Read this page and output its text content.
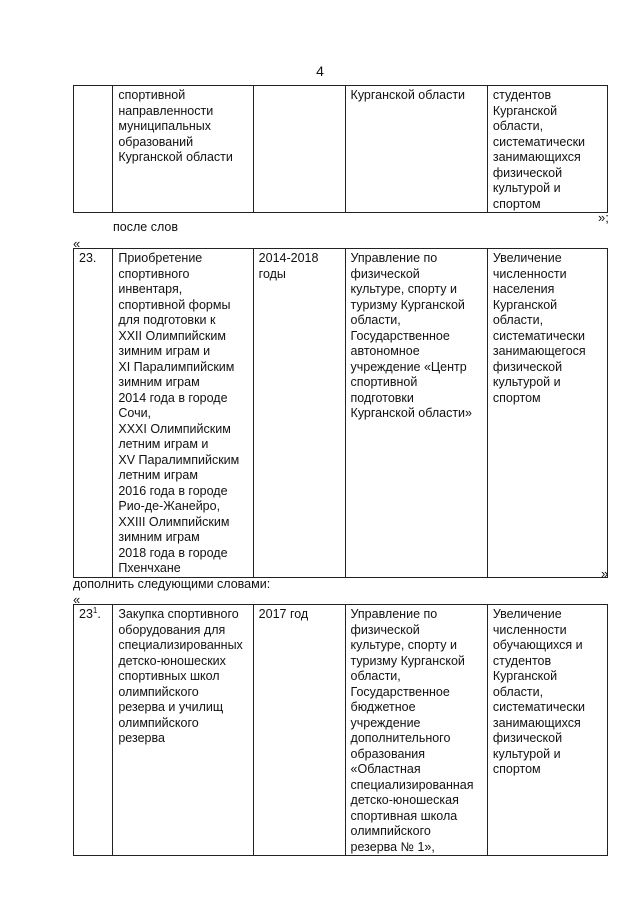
4
	спортивной
направленности
муниципальных
образований
Курганской области		Курганской области	студентов
Курганской
области,
систематически
занимающихся
физической
культурой и
спортом
»;
после слов
«
23.	Приобретение
спортивного
инвентаря,
спортивной формы
для подготовки к
XXII Олимпийским
зимним играм и
XI Паралимпийским
зимним играм
2014 года в городе
Сочи,
XXXI Олимпийским
летним играм и
XV Паралимпийским
летним играм
2016 года в городе
Рио-де-Жанейро,
XXIII Олимпийским
зимним играм
2018 года в городе
Пхенчхане	2014-2018
годы	Управление по
физической
культуре, спорту и
туризму Курганской
области,
Государственное
автономное
учреждение «Центр
спортивной
подготовки
Курганской области»	Увеличение
численности
населения
Курганской
области,
систематически
занимающегося
физической
культурой и
спортом
»
дополнить следующими словами:
«
$23^1$.	Закупка спортивного
оборудования для
специализированных
детско-юношеских
спортивных школ
олимпийского
резерва и училищ
олимпийского
резерва	2017 год	Управление по
физической
культуре, спорту и
туризму Курганской
области,
Государственное
бюджетное
учреждение
дополнительного
образования
«Областная
специализированная
детско-юношеская
спортивная школа
олимпийского
резерва № 1»,	Увеличение
численности
обучающихся и
студентов
Курганской
области,
систематически
занимающихся
физической
культурой и
спортом
